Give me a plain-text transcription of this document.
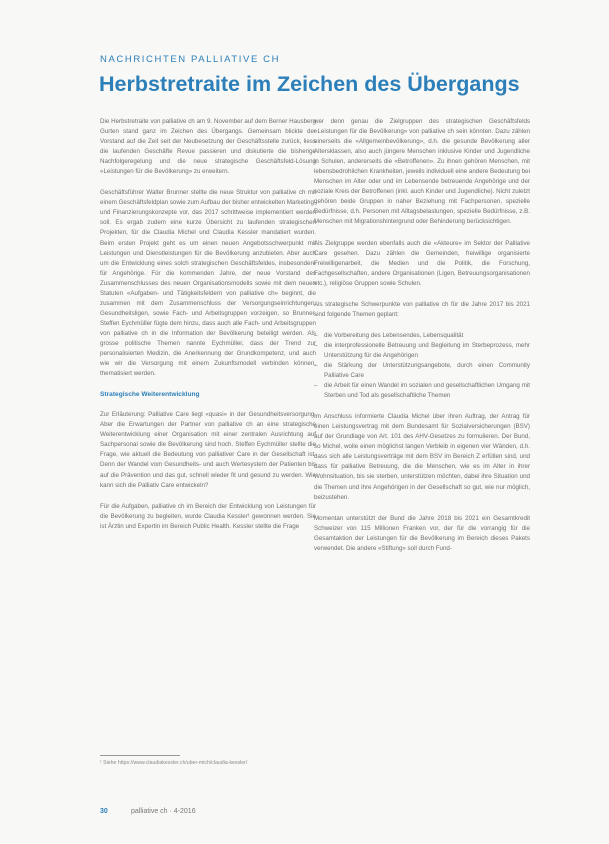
NACHRICHTEN PALLIATIVE CH
Herbstretraite im Zeichen des Übergangs

Die Herbstretraite von palliative ch am 9. November auf dem Berner Hausberg Gurten stand ganz im Zeichen des Übergangs. Gemeinsam blickte der Vorstand auf die Zeit seit der Neubesetzung der Geschäftsstelle zurück, liess die laufenden Geschäfte Revue passieren und diskutierte die bisherige Nachfolgeregelung und die neue strategische Geschäftsfeld-Lösung «Leistungen für die Bevölkerung» zu erweitern.

Geschäftsführer Walter Brunner stellte die neue Struktur von palliative ch mit einem Geschäftsfeldplan sowie zum Aufbau der bisher entwickelten Marketing- und Finanzierungskonzepte vor, das 2017 schrittweise implementiert werden soll. Es ergab zudem eine kurze Übersicht zu laufenden strategischen Projekten, für die Claudia Michel und Claudia Kessler mandatiert wurden. Beim ersten Projekt geht es um einen neuen Angebotsschwerpunkt mit Leistungen und Dienstleistungen für die Bevölkerung anzubieten. Aber auch um die Entwicklung eines solch strategischen Geschäftsfeldes, insbesondere für Angehörige. Für die kommenden Jahre, der neue Vorstand des Zusammenschlusses des neuen Organisationsmodells sowie mit dem neuen Statuten «Aufgaben- und Tätigkeitsfeldern von palliative ch» beginnt, die zusammen mit dem Zusammenschluss der Versorgungseinrichtungen, Gesundheitsligen, sowie Fach- und Arbeitsgruppen vorzeigen, so Brunner. Steffen Eychmüller fügte dem hinzu, dass auch alle Fach- und Arbeitsgruppen von palliative ch in die Information der Bevölkerung beteiligt werden. Als grosse politische Themen nannte Eychmüller, dass der Trend zur personalisierten Medizin, die Anerkennung der Grundkompetenz, und auch wie wir die Versorgung mit einem Zukunftsmodell verbinden können, thematisiert werden.

Strategische Weiterentwicklung

Zur Erläuterung: Palliative Care liegt «quasi» in der Gesundheitsversorgung. Aber die Erwartungen der Partner von palliative ch an eine strategische Weiterentwicklung einer Organisation mit einer zentralen Ausrichtung auf Sachpersonal sowie die Bevölkerung sind hoch. Steffen Eychmüller stellte die Frage, wie aktuell die Bedeutung von palliativer Care in der Gesellschaft ist. Denn der Wandel vom Gesundheits- und auch Wertesystem der Patienten bis auf die Prävention und das gut, schnell wieder fit und gesund zu werden. Wie kann sich die Palliativ Care entwickeln?

Für die Aufgaben, palliative ch im Bereich der Entwicklung von Leistungen für die Bevölkerung zu begleiten, wurde Claudia Kessler¹ gewonnen werden. Sie ist Ärztin und Expertin im Bereich Public Health. Kessler stellte die Frage

wer denn genau die Zielgruppen des strategischen Geschäftsfelds «Leistungen für die Bevölkerung» von palliative ch sein könnten. Dazu zählen einerseits die «Allgemeinbevölkerung», d.h. die gesunde Bevölkerung aller Altersklassen, also auch jüngere Menschen inklusive Kinder und Jugendliche in Schulen, andererseits die «Betroffenen». Zu ihnen gehören Menschen, mit lebensbedrohlichen Krankheiten, jeweils individuell eine andere Bedeutung bei Menschen im Alter oder und im Lebensende betreuende Angehörige und der soziale Kreis der Betroffenen (inkl. auch Kinder und Jugendliche). Nicht zuletzt gehören beide Gruppen in naher Beziehung mit Fachpersonen, spezielle Bedürfnisse, d.h. Personen mit Alltagsbelastungen, spezielle Bedürfnisse, z.B. Menschen mit Migrationshintergrund oder Behinderung berücksichtigen.

Als Zielgruppe werden ebenfalls auch die «Akteure» im Sektor der Palliative Care gesehen. Dazu zählen die Gemeinden, freiwillige organisierte Freiwilligenarbeit, die Medien und die Politik, die Forschung, Fachgesellschaften, andere Organisationen (Ligen, Betreuungsorganisationen etc.), religiöse Gruppen sowie Schulen.

Als strategische Schwerpunkte von palliative ch für die Jahre 2017 bis 2021 sind folgende Themen geplant:

– die Vorbereitung des Lebensendes, Lebensqualität
– die interprofessionelle Betreuung und Begleitung im Sterbeprozess, mehr Unterstützung für die Angehörigen
– die Stärkung der Unterstützungsangebote, durch einen Community Palliative Care
– die Arbeit für einen Wandel im sozialen und gesellschaftlichen Umgang mit Sterben und Tod als gesellschaftliche Themen

Im Anschluss informierte Claudia Michel über ihren Auftrag, der Antrag für einen Leistungsvertrag mit dem Bundesamt für Sozialversicherungen (BSV) auf der Grundlage von Art. 101 des AHV-Gesetzes zu formulieren. Der Bund, so Michel, wolle einen möglichst langen Verbleib in eigenen vier Wänden, d.h. dass sich alle Leistungsverträge mit dem BSV im Bereich Z erfüllen sind, und dass für palliative Betreuung, die die Menschen, wie es im Alter in ihrer Wohnsituation, bis sie sterben, unterstützen möchten, dabei ihre Situation und die Themen und ihre Angehörigen in der Gesellschaft so gut, wie nur möglich, beizustehen.

Momentan unterstützt der Bund die Jahre 2018 bis 2021 ein Gesamtkredit Schweizer von 115 Millionen Franken vor, der für die vorrangig für die Gesamtaktion der Leistungen für die Bevölkerung im Bereich dieses Pakets verwendet. Die andere «Stiftung» soll durch Fund-

¹ Siehe https://www.claudiakessler.ch/uber-mich/claudia-kessler/
30	palliative ch · 4-2016
